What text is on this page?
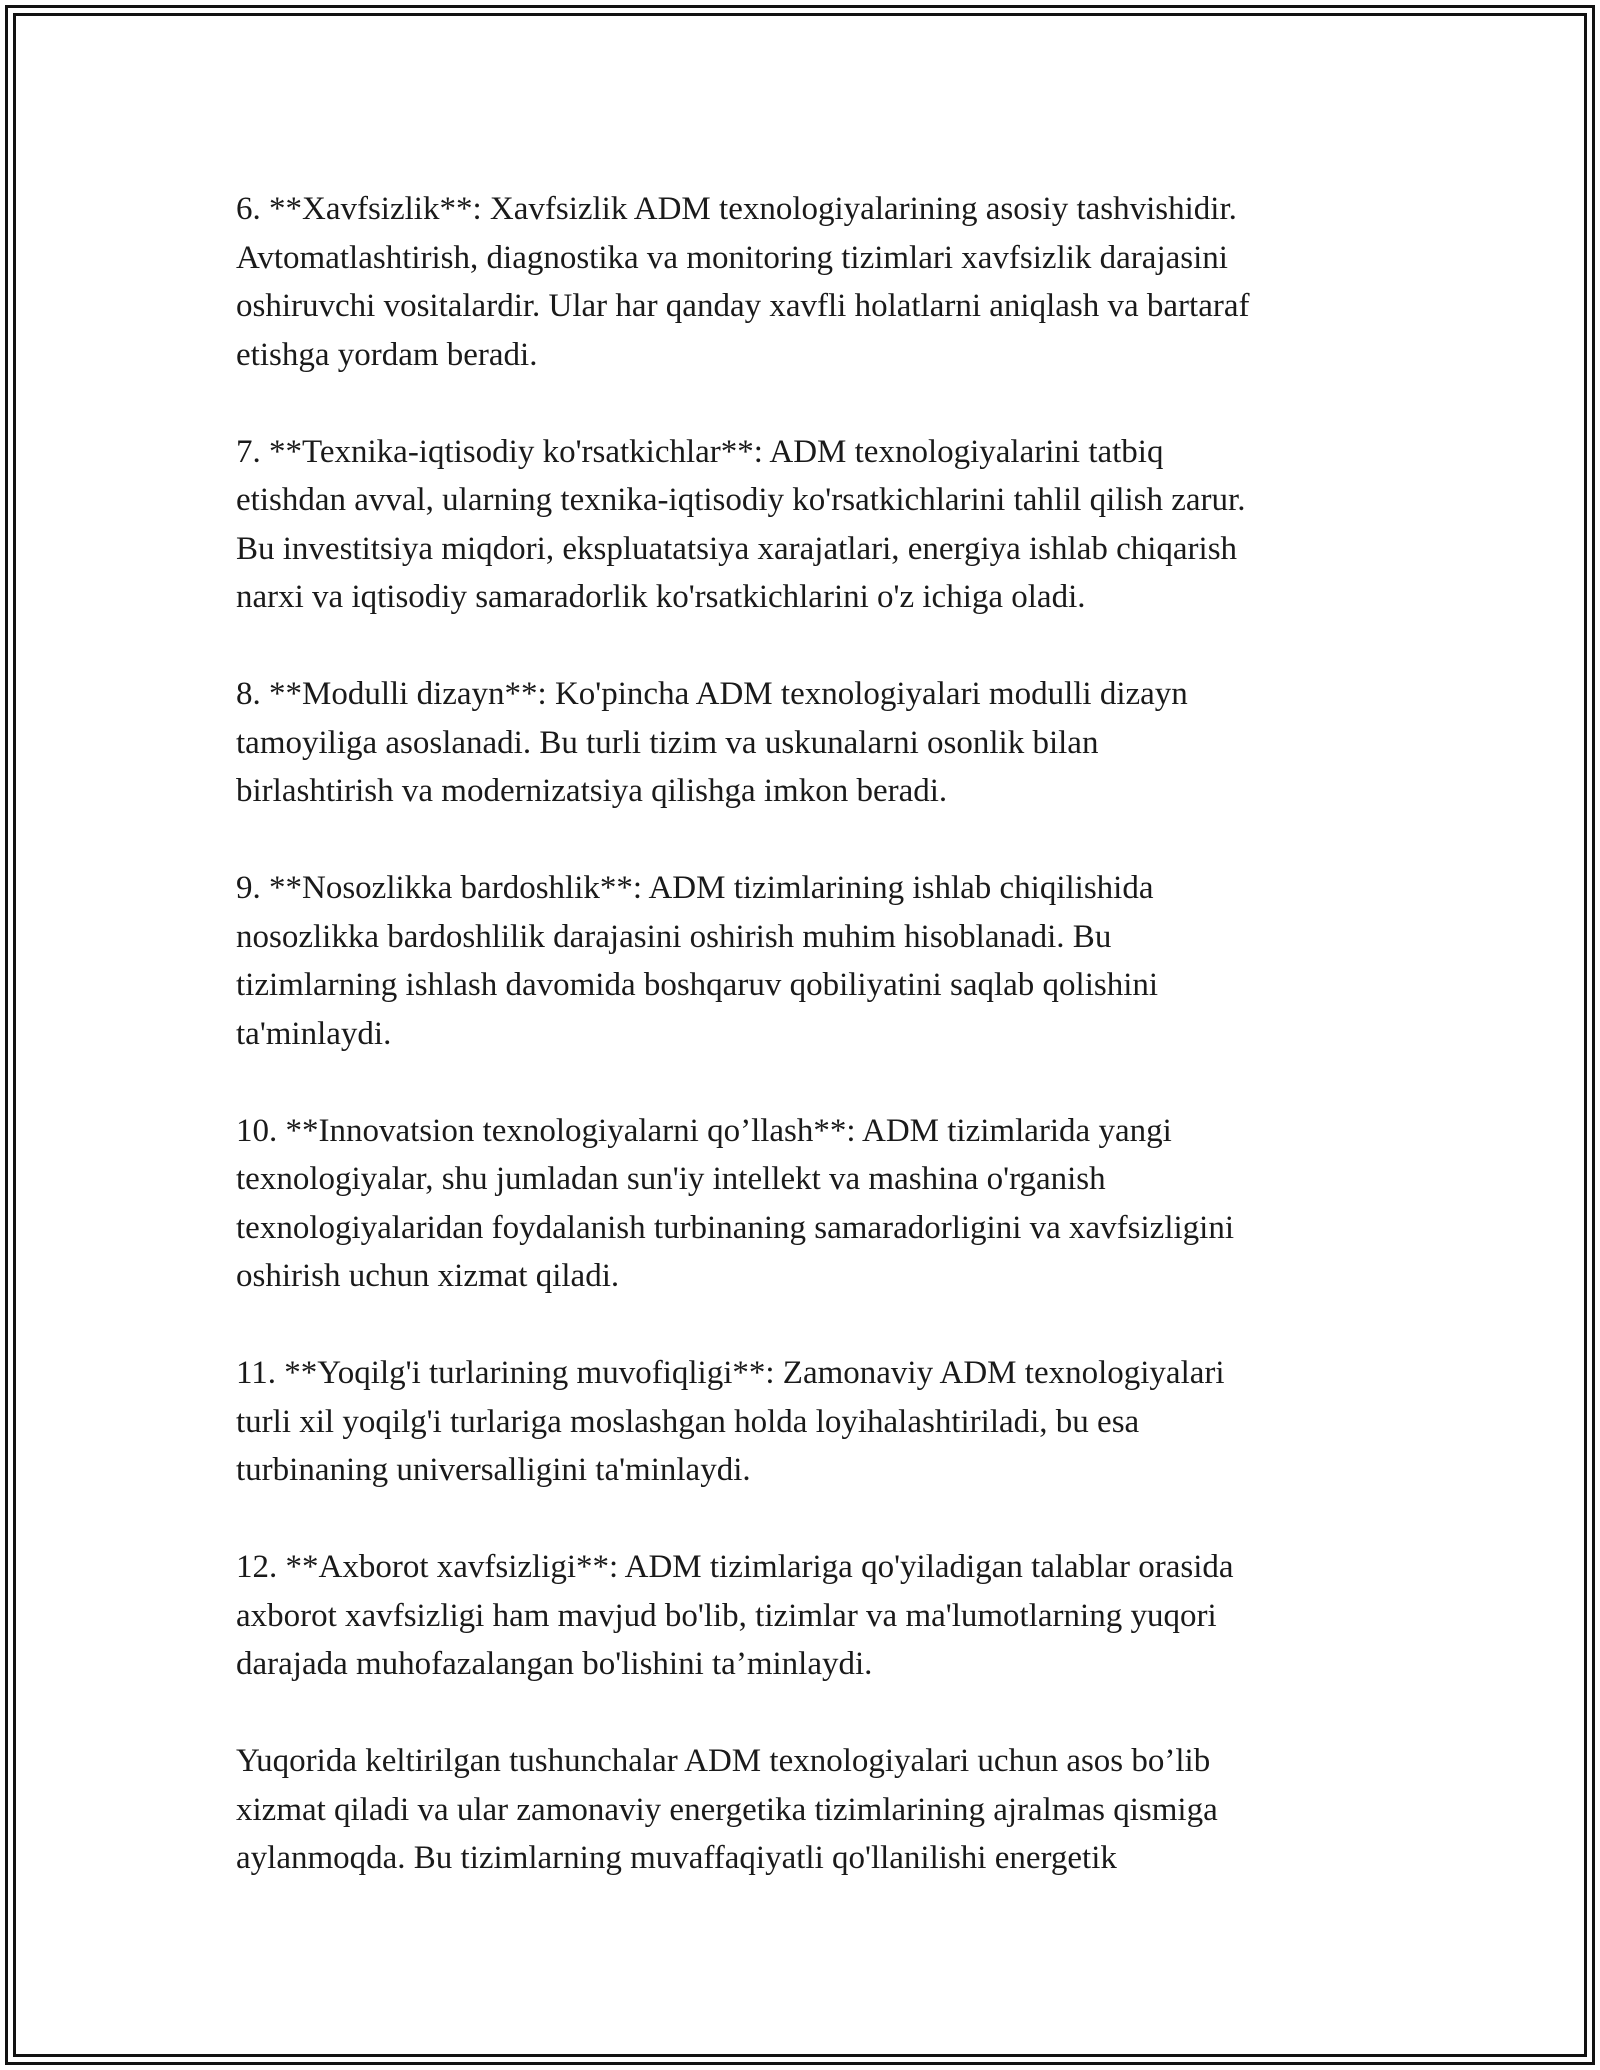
6. **Xavfsizlik**: Xavfsizlik ADM texnologiyalarining asosiy tashvishidir.
Avtomatlashtirish, diagnostika va monitoring tizimlari xavfsizlik darajasini
oshiruvchi vositalardir. Ular har qanday xavfli holatlarni aniqlash va bartaraf
etishga yordam beradi.

7. **Texnika-iqtisodiy ko'rsatkichlar**: ADM texnologiyalarini tatbiq
etishdan avval, ularning texnika-iqtisodiy ko'rsatkichlarini tahlil qilish zarur.
Bu investitsiya miqdori, ekspluatatsiya xarajatlari, energiya ishlab chiqarish
narxi va iqtisodiy samaradorlik ko'rsatkichlarini o'z ichiga oladi.

8. **Modulli dizayn**: Ko'pincha ADM texnologiyalari modulli dizayn
tamoyiliga asoslanadi. Bu turli tizim va uskunalarni osonlik bilan
birlashtirish va modernizatsiya qilishga imkon beradi.

9. **Nosozlikka bardoshlik**: ADM tizimlarining ishlab chiqilishida
nosozlikka bardoshlilik darajasini oshirish muhim hisoblanadi. Bu
tizimlarning ishlash davomida boshqaruv qobiliyatini saqlab qolishini
ta'minlaydi.

10. **Innovatsion texnologiyalarni qo’llash**: ADM tizimlarida yangi
texnologiyalar, shu jumladan sun'iy intellekt va mashina o'rganish
texnologiyalaridan foydalanish turbinaning samaradorligini va xavfsizligini
oshirish uchun xizmat qiladi.

11. **Yoqilg'i turlarining muvofiqligi**: Zamonaviy ADM texnologiyalari
turli xil yoqilg'i turlariga moslashgan holda loyihalashtiriladi, bu esa
turbinaning universalligini ta'minlaydi.

12. **Axborot xavfsizligi**: ADM tizimlariga qo'yiladigan talablar orasida
axborot xavfsizligi ham mavjud bo'lib, tizimlar va ma'lumotlarning yuqori
darajada muhofazalangan bo'lishini ta’minlaydi.

Yuqorida keltirilgan tushunchalar ADM texnologiyalari uchun asos bo’lib
xizmat qiladi va ular zamonaviy energetika tizimlarining ajralmas qismiga
aylanmoqda. Bu tizimlarning muvaffaqiyatli qo'llanilishi energetik
